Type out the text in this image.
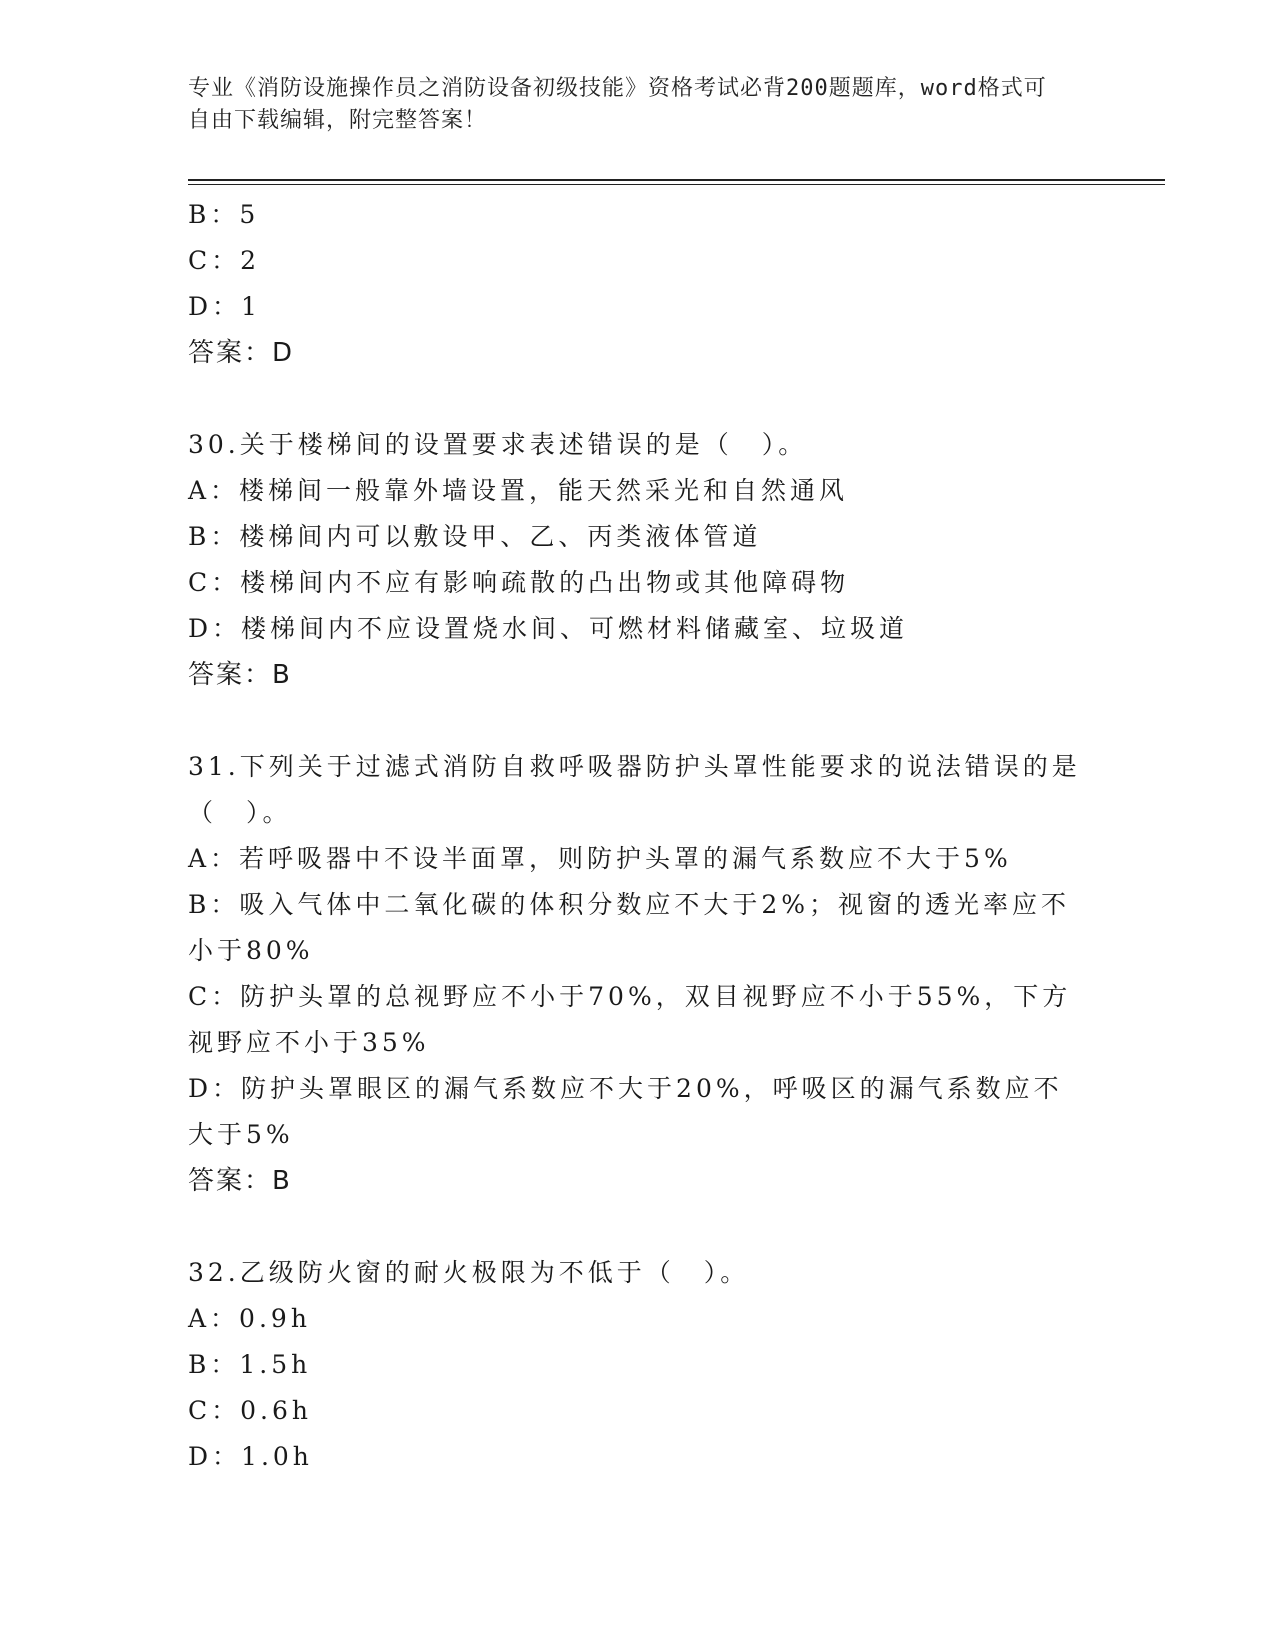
专业《消防设施操作员之消防设备初级技能》资格考试必背200题题库，word格式可自由下载编辑，附完整答案！

B：5

C：2

D：1

答案：D

30.关于楼梯间的设置要求表述错误的是（　）。

A：楼梯间一般靠外墙设置，能天然采光和自然通风

B：楼梯间内可以敷设甲、乙、丙类液体管道

C：楼梯间内不应有影响疏散的凸出物或其他障碍物

D：楼梯间内不应设置烧水间、可燃材料储藏室、垃圾道

答案：B

31.下列关于过滤式消防自救呼吸器防护头罩性能要求的说法错误的是（　）。

A：若呼吸器中不设半面罩，则防护头罩的漏气系数应不大于5%

B：吸入气体中二氧化碳的体积分数应不大于2%；视窗的透光率应不小于80%

C：防护头罩的总视野应不小于70%，双目视野应不小于55%，下方视野应不小于35%

D：防护头罩眼区的漏气系数应不大于20%，呼吸区的漏气系数应不大于5%

答案：B

32.乙级防火窗的耐火极限为不低于（　）。

A：0.9h

B：1.5h

C：0.6h

D：1.0h
